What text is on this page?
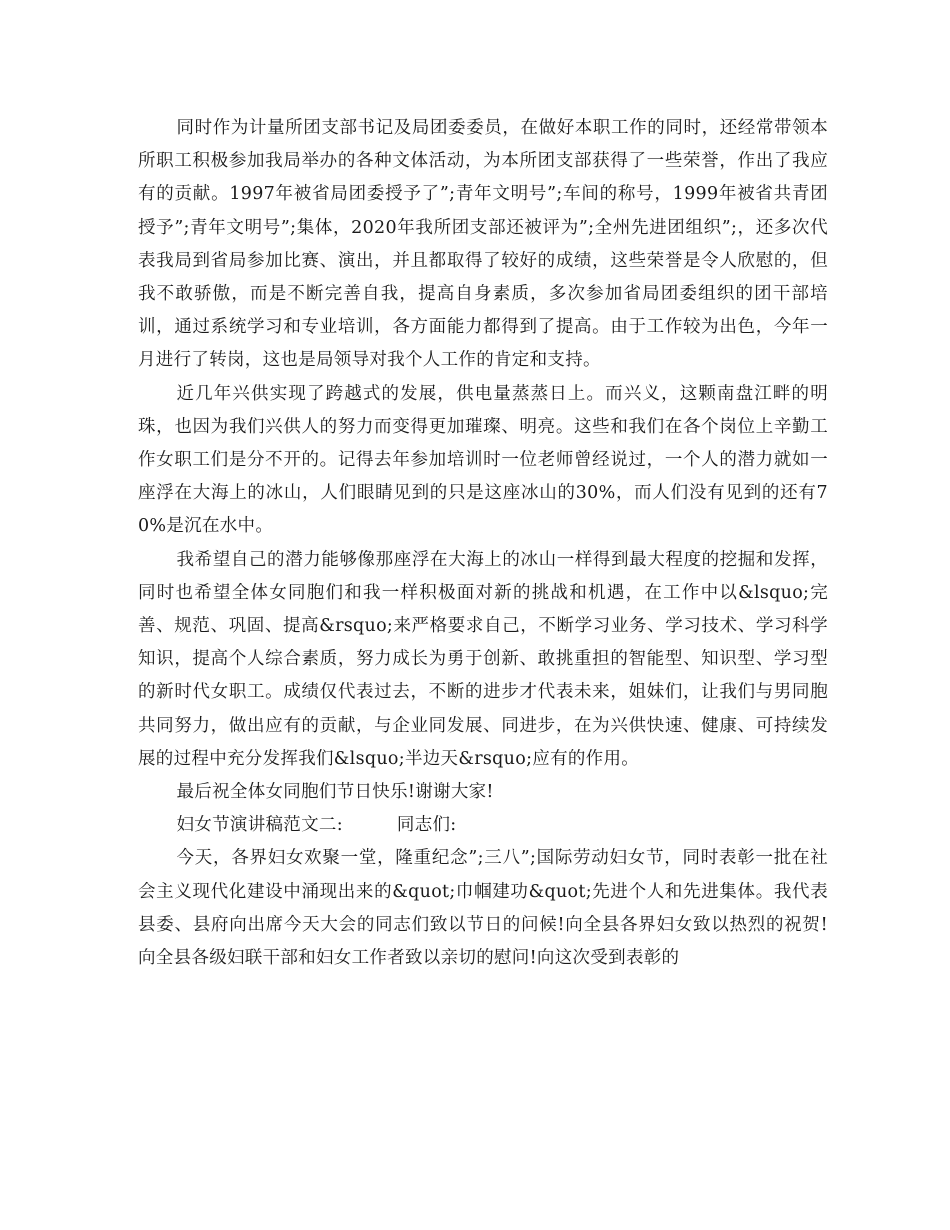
同时作为计量所团支部书记及局团委委员，在做好本职工作的同时，还经常带领本所职工积极参加我局举办的各种文体活动，为本所团支部获得了一些荣誉，作出了我应有的贡献。1997年被省局团委授予了”;青年文明号”;车间的称号，1999年被省共青团授予”;青年文明号”;集体，2020年我所团支部还被评为”;全州先进团组织”;，还多次代表我局到省局参加比赛、演出，并且都取得了较好的成绩，这些荣誉是令人欣慰的，但我不敢骄傲，而是不断完善自我，提高自身素质，多次参加省局团委组织的团干部培训，通过系统学习和专业培训，各方面能力都得到了提高。由于工作较为出色，今年一月进行了转岗，这也是局领导对我个人工作的肯定和支持。

近几年兴供实现了跨越式的发展，供电量蒸蒸日上。而兴义，这颗南盘江畔的明珠，也因为我们兴供人的努力而变得更加璀璨、明亮。这些和我们在各个岗位上辛勤工作女职工们是分不开的。记得去年参加培训时一位老师曾经说过，一个人的潜力就如一座浮在大海上的冰山，人们眼睛见到的只是这座冰山的30%，而人们没有见到的还有70%是沉在水中。

我希望自己的潜力能够像那座浮在大海上的冰山一样得到最大程度的挖掘和发挥，同时也希望全体女同胞们和我一样积极面对新的挑战和机遇，在工作中以&lsquo;完善、规范、巩固、提高&rsquo;来严格要求自己，不断学习业务、学习技术、学习科学知识，提高个人综合素质，努力成长为勇于创新、敢挑重担的智能型、知识型、学习型的新时代女职工。成绩仅代表过去，不断的进步才代表未来，姐妹们，让我们与男同胞共同努力，做出应有的贡献，与企业同发展、同进步，在为兴供快速、健康、可持续发展的过程中充分发挥我们&lsquo;半边天&rsquo;应有的作用。

最后祝全体女同胞们节日快乐!谢谢大家!

妇女节演讲稿范文二:	同志们:

今天，各界妇女欢聚一堂，隆重纪念”;三八”;国际劳动妇女节，同时表彰一批在社会主义现代化建设中涌现出来的&quot;巾帼建功&quot;先进个人和先进集体。我代表县委、县府向出席今天大会的同志们致以节日的问候!向全县各界妇女致以热烈的祝贺!向全县各级妇联干部和妇女工作者致以亲切的慰问!向这次受到表彰的
